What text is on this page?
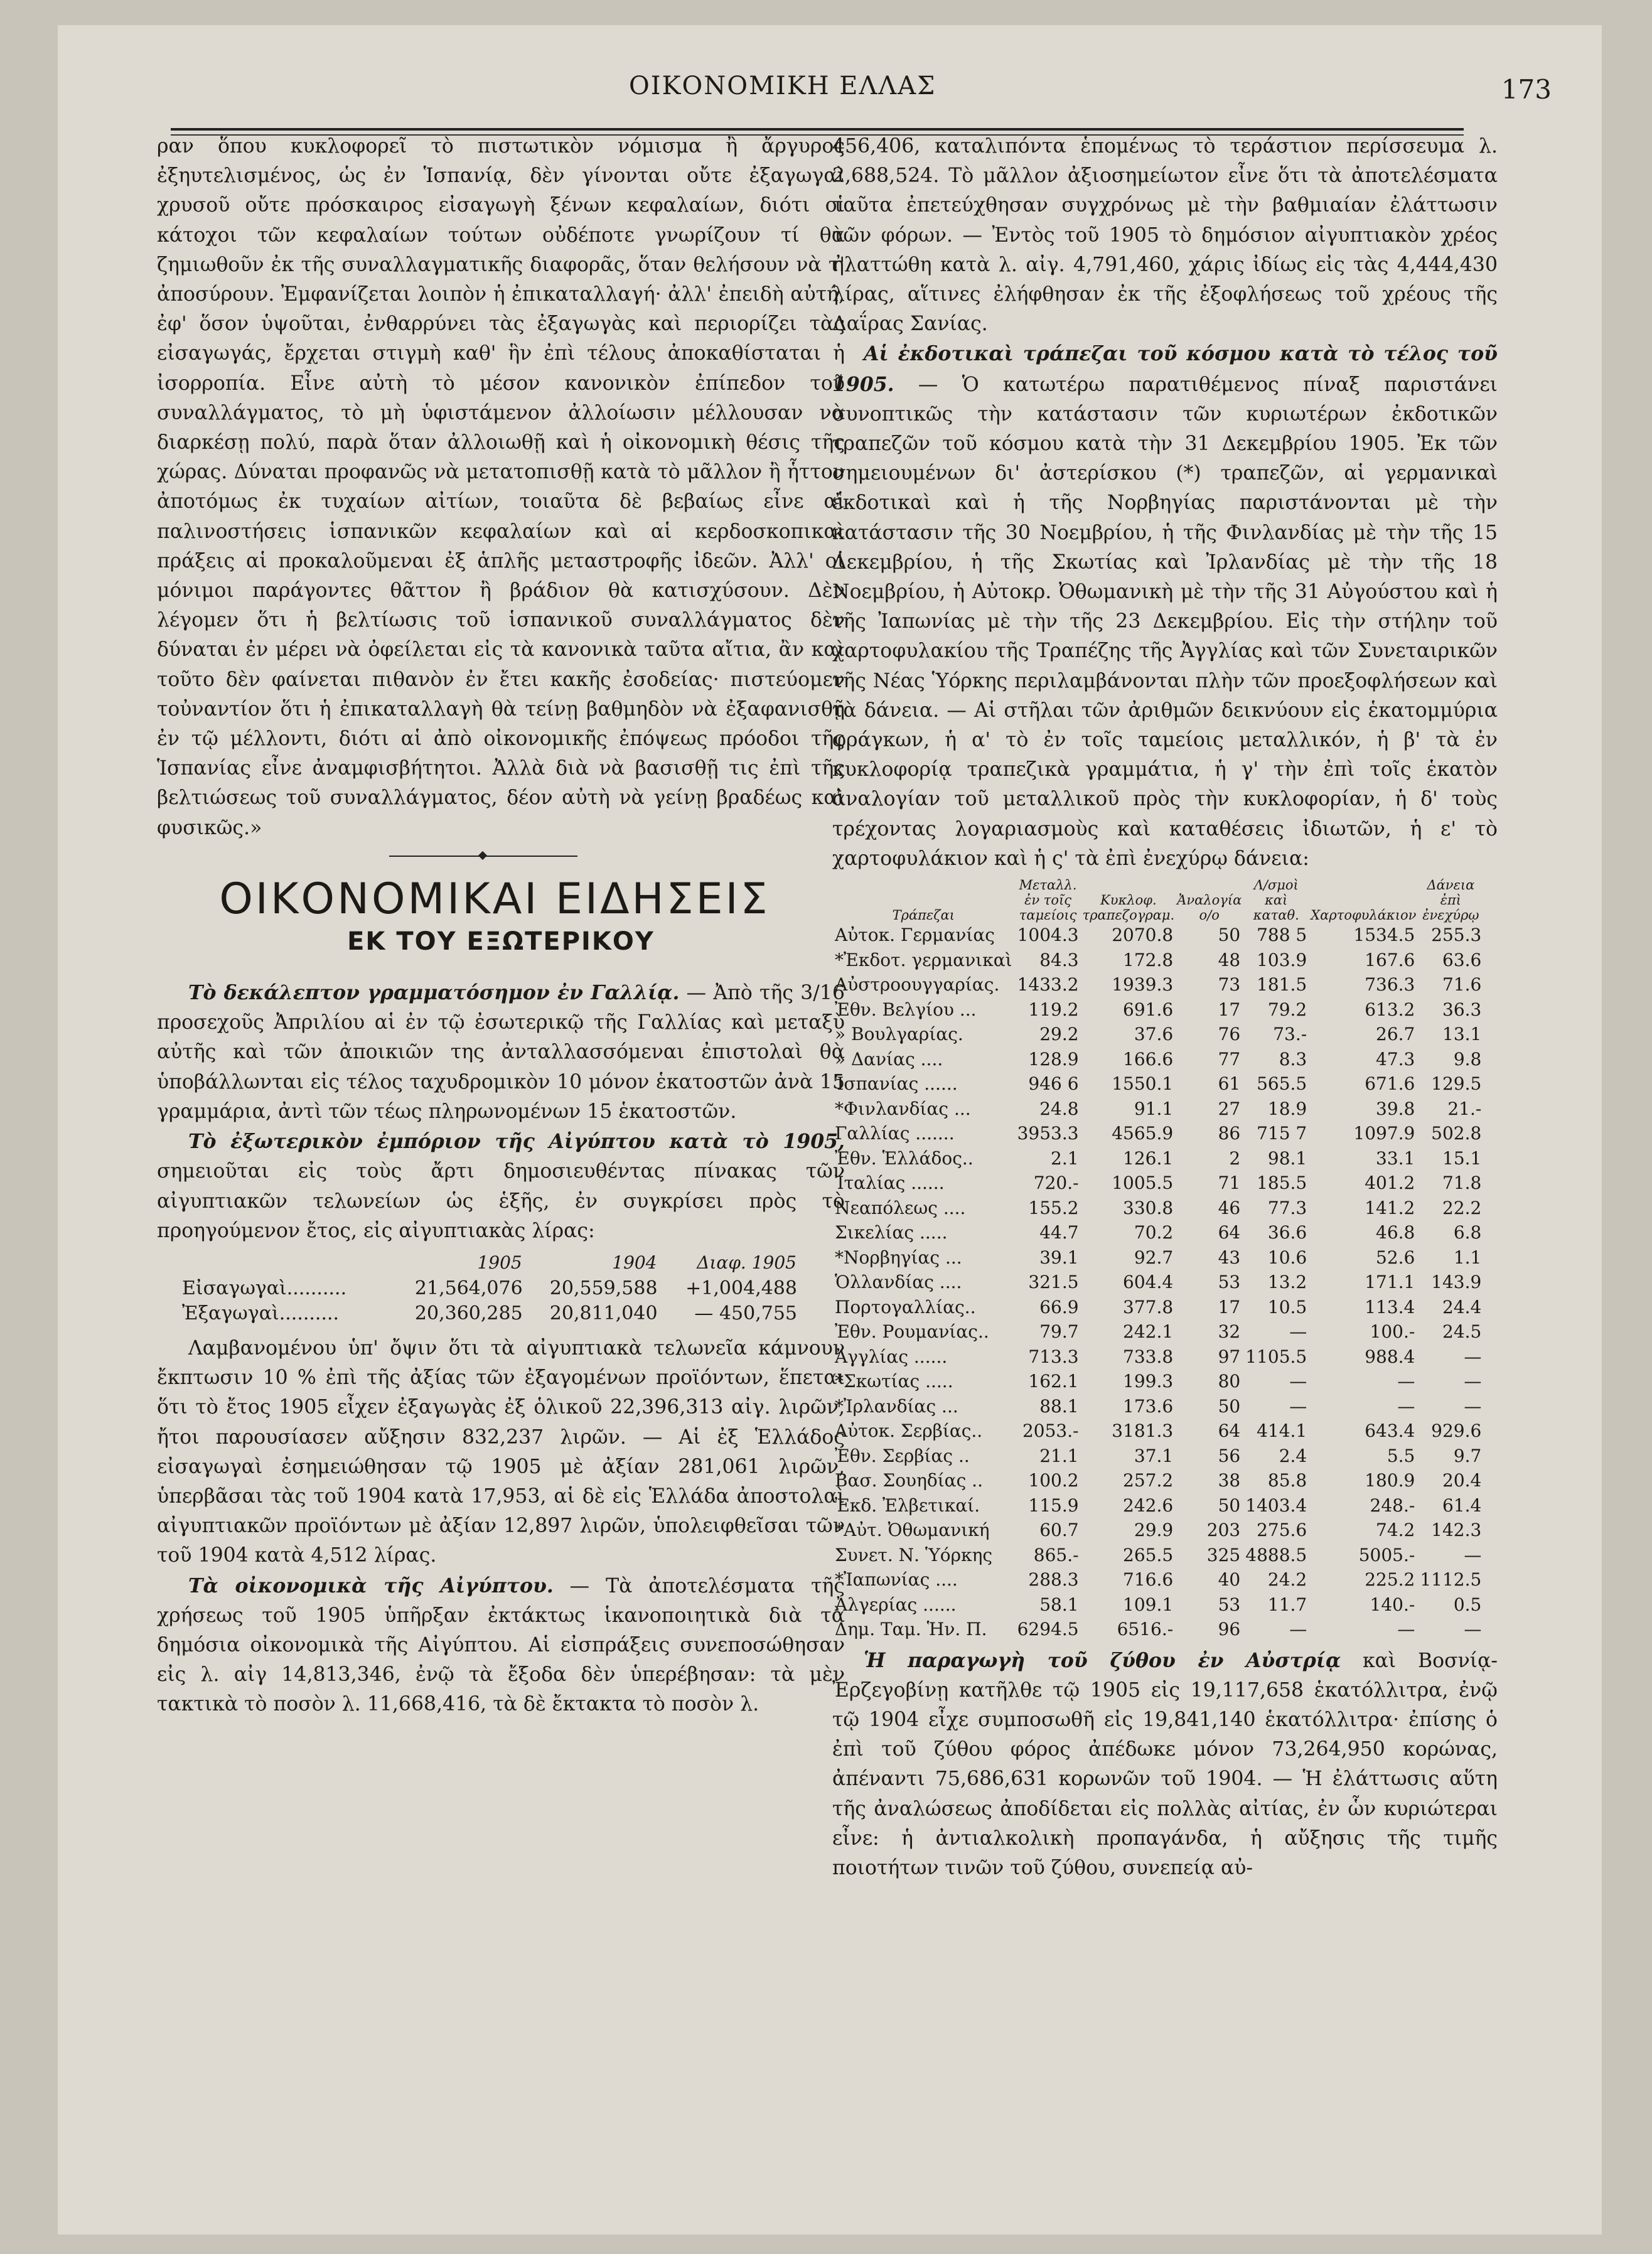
ΟΙΚΟΝΟΜΙΚΗ ΕΛΛΑΣ	173

ραν ὅπου κυκλοφορεῖ τὸ πιστωτικὸν νόμισμα ἢ ἄργυρος ἐξηυτελισμένος, ὡς ἐν Ἱσπανίᾳ, δὲν γίνονται οὔτε ἐξαγωγαὶ χρυσοῦ οὔτε πρόσκαιρος εἰσαγωγὴ ξένων κεφαλαίων, διότι οἱ κάτοχοι τῶν κεφαλαίων τούτων οὐδέποτε γνωρίζουν τί θὰ ζημιωθοῦν ἐκ τῆς συναλλαγματικῆς διαφορᾶς, ὅταν θελήσουν νὰ τ' ἀποσύρουν. Ἐμφανίζεται λοιπὸν ἡ ἐπικαταλλαγή· ἀλλ' ἐπειδὴ αὐτή, ἐφ' ὅσον ὑψοῦται, ἐνθαρρύνει τὰς ἐξαγωγὰς καὶ περιορίζει τὰς εἰσαγωγάς, ἔρχεται στιγμὴ καθ' ἣν ἐπὶ τέλους ἀποκαθίσταται ἡ ἰσορροπία. Εἶνε αὐτὴ τὸ μέσον κανονικὸν ἐπίπεδον τοῦ συναλλάγματος, τὸ μὴ ὑφιστάμενον ἀλλοίωσιν μέλλουσαν νὰ διαρκέσῃ πολύ, παρὰ ὅταν ἀλλοιωθῇ καὶ ἡ οἰκονομικὴ θέσις τῆς χώρας. Δύναται προφανῶς νὰ μετατοπισθῇ κατὰ τὸ μᾶλλον ἢ ἧττον ἀποτόμως ἐκ τυχαίων αἰτίων, τοιαῦτα δὲ βεβαίως εἶνε αἱ παλινοστήσεις ἱσπανικῶν κεφαλαίων καὶ αἱ κερδοσκοπικαὶ πράξεις αἱ προκαλοῦμεναι ἐξ ἁπλῆς μεταστροφῆς ἰδεῶν. Ἀλλ' οἱ μόνιμοι παράγοντες θᾶττον ἢ βράδιον θὰ κατισχύσουν. Δὲν λέγομεν ὅτι ἡ βελτίωσις τοῦ ἱσπανικοῦ συναλλάγματος δὲν δύναται ἐν μέρει νὰ ὀφείλεται εἰς τὰ κανονικὰ ταῦτα αἴτια, ἂν καὶ τοῦτο δὲν φαίνεται πιθανὸν ἐν ἔτει κακῆς ἐσοδείας· πιστεύομεν τοὐναντίον ὅτι ἡ ἐπικαταλλαγὴ θὰ τείνῃ βαθμηδὸν νὰ ἐξαφανισθῇ ἐν τῷ μέλλοντι, διότι αἱ ἀπὸ οἰκονομικῆς ἐπόψεως πρόοδοι τῆς Ἱσπανίας εἶνε ἀναμφισβήτητοι. Ἀλλὰ διὰ νὰ βασισθῇ τις ἐπὶ τῆς βελτιώσεως τοῦ συναλλάγματος, δέον αὐτὴ νὰ γείνῃ βραδέως καὶ φυσικῶς.»

ΟΙΚΟΝΟΜΙΚΑΙ ΕΙΔΗΣΕΙΣ
ΕΚ ΤΟΥ ΕΞΩΤΕΡΙΚΟΥ

Τὸ δεκάλεπτον γραμματόσημον ἐν Γαλλίᾳ. — Ἀπὸ τῆς 3/16 προσεχοῦς Ἀπριλίου αἱ ἐν τῷ ἐσωτερικῷ τῆς Γαλλίας καὶ μεταξὺ αὐτῆς καὶ τῶν ἀποικιῶν της ἀνταλλασσόμεναι ἐπιστολαὶ θὰ ὑποβάλλωνται εἰς τέλος ταχυδρομικὸν 10 μόνον ἑκατοστῶν ἀνὰ 15 γραμμάρια, ἀντὶ τῶν τέως πληρωνομένων 15 ἑκατοστῶν.

Τὸ ἐξωτερικὸν ἐμπόριον τῆς Αἰγύπτου κατὰ τὸ 1905, σημειοῦται εἰς τοὺς ἄρτι δημοσιευθέντας πίνακας τῶν αἰγυπτιακῶν τελωνείων ὡς ἑξῆς, ἐν συγκρίσει πρὸς τὸ προηγούμενον ἔτος, εἰς αἰγυπτιακὰς λίρας:

	1905	1904	Διαφ. 1905
Εἰσαγωγαὶ..........	21,564,076	20,559,588	+1,004,488
Ἐξαγωγαὶ..........	20,360,285	20,811,040	— 450,755

Λαμβανομένου ὑπ' ὄψιν ὅτι τὰ αἰγυπτιακὰ τελωνεῖα κάμνουν ἔκπτωσιν 10 % ἐπὶ τῆς ἀξίας τῶν ἐξαγομένων προϊόντων, ἕπεται ὅτι τὸ ἔτος 1905 εἶχεν ἐξαγωγὰς ἐξ ὁλικοῦ 22,396,313 αἰγ. λιρῶν, ἤτοι παρουσίασεν αὔξησιν 832,237 λιρῶν. — Αἱ ἐξ Ἑλλάδος εἰσαγωγαὶ ἐσημειώθησαν τῷ 1905 μὲ ἀξίαν 281,061 λιρῶν, ὑπερβᾶσαι τὰς τοῦ 1904 κατὰ 17,953, αἱ δὲ εἰς Ἑλλάδα ἀποστολαὶ αἰγυπτιακῶν προϊόντων μὲ ἀξίαν 12,897 λιρῶν, ὑπολειφθεῖσαι τῶν τοῦ 1904 κατὰ 4,512 λίρας.

Τὰ οἰκονομικὰ τῆς Αἰγύπτου. — Τὰ ἀποτελέσματα τῆς χρήσεως τοῦ 1905 ὑπῆρξαν ἐκτάκτως ἱκανοποιητικὰ διὰ τὰ δημόσια οἰκονομικὰ τῆς Αἰγύπτου. Αἱ εἰσπράξεις συνεποσώθησαν εἰς λ. αἰγ 14,813,346, ἐνῷ τὰ ἔξοδα δὲν ὑπερέβησαν: τὰ μὲν τακτικὰ τὸ ποσὸν λ. 11,668,416, τὰ δὲ ἔκτακτα τὸ ποσὸν λ.

456,406, καταλιπόντα ἑπομένως τὸ τεράστιον περίσσευμα λ. 2,688,524. Τὸ μᾶλλον ἀξιοσημείωτον εἶνε ὅτι τὰ ἀποτελέσματα ταῦτα ἐπετεύχθησαν συγχρόνως μὲ τὴν βαθμιαίαν ἐλάττωσιν τῶν φόρων. — Ἐντὸς τοῦ 1905 τὸ δημόσιον αἰγυπτιακὸν χρέος ἠλαττώθη κατὰ λ. αἰγ. 4,791,460, χάρις ἰδίως εἰς τὰς 4,444,430 λίρας, αἵτινες ἐλήφθησαν ἐκ τῆς ἐξοφλήσεως τοῦ χρέους τῆς Δαΐρας Σανίας.

Αἱ ἐκδοτικαὶ τράπεζαι τοῦ κόσμου κατὰ τὸ τέλος τοῦ 1905. — Ὁ κατωτέρω παρατιθέμενος πίναξ παριστάνει συνοπτικῶς τὴν κατάστασιν τῶν κυριωτέρων ἐκδοτικῶν τραπεζῶν τοῦ κόσμου κατὰ τὴν 31 Δεκεμβρίου 1905. Ἐκ τῶν σημειουμένων δι' ἀστερίσκου (*) τραπεζῶν, αἱ γερμανικαὶ ἐκδοτικαὶ καὶ ἡ τῆς Νορβηγίας παριστάνονται μὲ τὴν κατάστασιν τῆς 30 Νοεμβρίου, ἡ τῆς Φινλανδίας μὲ τὴν τῆς 15 Δεκεμβρίου, ἡ τῆς Σκωτίας καὶ Ἰρλανδίας μὲ τὴν τῆς 18 Νοεμβρίου, ἡ Αὐτοκρ. Ὀθωμανικὴ μὲ τὴν τῆς 31 Αὐγούστου καὶ ἡ τῆς Ἰαπωνίας μὲ τὴν τῆς 23 Δεκεμβρίου. Εἰς τὴν στήλην τοῦ χαρτοφυλακίου τῆς Τραπέζης τῆς Ἀγγλίας καὶ τῶν Συνεταιρικῶν τῆς Νέας Ὑόρκης περιλαμβάνονται πλὴν τῶν προεξοφλήσεων καὶ τὰ δάνεια. — Αἱ στῆλαι τῶν ἀριθμῶν δεικνύουν εἰς ἑκατομμύρια φράγκων, ἡ α' τὸ ἐν τοῖς ταμείοις μεταλλικόν, ἡ β' τὰ ἐν κυκλοφορίᾳ τραπεζικὰ γραμμάτια, ἡ γ' τὴν ἐπὶ τοῖς ἑκατὸν ἀναλογίαν τοῦ μεταλλικοῦ πρὸς τὴν κυκλοφορίαν, ἡ δ' τοὺς τρέχοντας λογαριασμοὺς καὶ καταθέσεις ἰδιωτῶν, ἡ ε' τὸ χαρτοφυλάκιον καὶ ἡ ς' τὰ ἐπὶ ἐνεχύρῳ δάνεια:

Τράπεζαι	Μεταλλ. ἐν τοῖς ταμείοις	Κυκλοφ. τραπεζογραμ.	Ἀναλογία ο/ο	Λ/σμοὶ καὶ καταθ.	Χαρτοφυλάκιον	Δάνεια ἐπὶ ἐνεχύρῳ
Αὐτοκ. Γερμανίας	1004.3	2070.8	50	788 5	1534.5	255.3
*Ἐκδοτ. γερμανικαὶ	84.3	172.8	48	103.9	167.6	63.6
Αὐστροουγγαρίας.	1433.2	1939.3	73	181.5	736.3	71.6
Ἐθν. Βελγίου ...	119.2	691.6	17	79.2	613.2	36.3
» Βουλγαρίας.	29.2	37.6	76	73.-	26.7	13.1
» Δανίας ....	128.9	166.6	77	8.3	47.3	9.8
Ἱσπανίας ......	946 6	1550.1	61	565.5	671.6	129.5
*Φινλανδίας ...	24.8	91.1	27	18.9	39.8	21.-
Γαλλίας .......	3953.3	4565.9	86	715 7	1097.9	502.8
Ἐθν. Ἑλλάδος..	2.1	126.1	2	98.1	33.1	15.1
Ἰταλίας ......	720.-	1005.5	71	185.5	401.2	71.8
Νεαπόλεως ....	155.2	330.8	46	77.3	141.2	22.2
Σικελίας .....	44.7	70.2	64	36.6	46.8	6.8
*Νορβηγίας ...	39.1	92.7	43	10.6	52.6	1.1
Ὁλλανδίας ....	321.5	604.4	53	13.2	171.1	143.9
Πορτογαλλίας..	66.9	377.8	17	10.5	113.4	24.4
Ἐθν. Ρουμανίας..	79.7	242.1	32	—	100.-	24.5
Ἀγγλίας ......	713.3	733.8	97	1105.5	988.4	—
*Σκωτίας .....	162.1	199.3	80	—	—	—
*Ἰρλανδίας ...	88.1	173.6	50	—	—	—
Αὐτοκ. Σερβίας..	2053.-	3181.3	64	414.1	643.4	929.6
Ἐθν. Σερβίας ..	21.1	37.1	56	2.4	5.5	9.7
Βασ. Σουηδίας ..	100.2	257.2	38	85.8	180.9	20.4
Ἐκδ. Ἐλβετικαί.	115.9	242.6	50	1403.4	248.-	61.4
*Αὐτ. Ὀθωμανική	60.7	29.9	203	275.6	74.2	142.3
Συνετ. Ν. Ὑόρκης	865.-	265.5	325	4888.5	5005.-	—
*Ἰαπωνίας ....	288.3	716.6	40	24.2	225.2	1112.5
Ἀλγερίας ......	58.1	109.1	53	11.7	140.-	0.5
Δημ. Ταμ. Ἡν. Π.	6294.5	6516.-	96	—	—	—

Ἡ παραγωγὴ τοῦ ζύθου ἐν Αὐστρίᾳ καὶ Βοσνίᾳ-Ἐρζεγοβίνῃ κατῆλθε τῷ 1905 εἰς 19,117,658 ἑκατόλλιτρα, ἐνῷ τῷ 1904 εἶχε συμποσωθῆ εἰς 19,841,140 ἑκατόλλιτρα· ἐπίσης ὁ ἐπὶ τοῦ ζύθου φόρος ἀπέδωκε μόνον 73,264,950 κορώνας, ἀπέναντι 75,686,631 κορωνῶν τοῦ 1904. — Ἡ ἐλάττωσις αὕτη τῆς ἀναλώσεως ἀποδίδεται εἰς πολλὰς αἰτίας, ἐν ὧν κυριώτεραι εἶνε: ἡ ἀντιαλκολικὴ προπαγάνδα, ἡ αὔξησις τῆς τιμῆς ποιοτήτων τινῶν τοῦ ζύθου, συνεπείᾳ αὐ-
